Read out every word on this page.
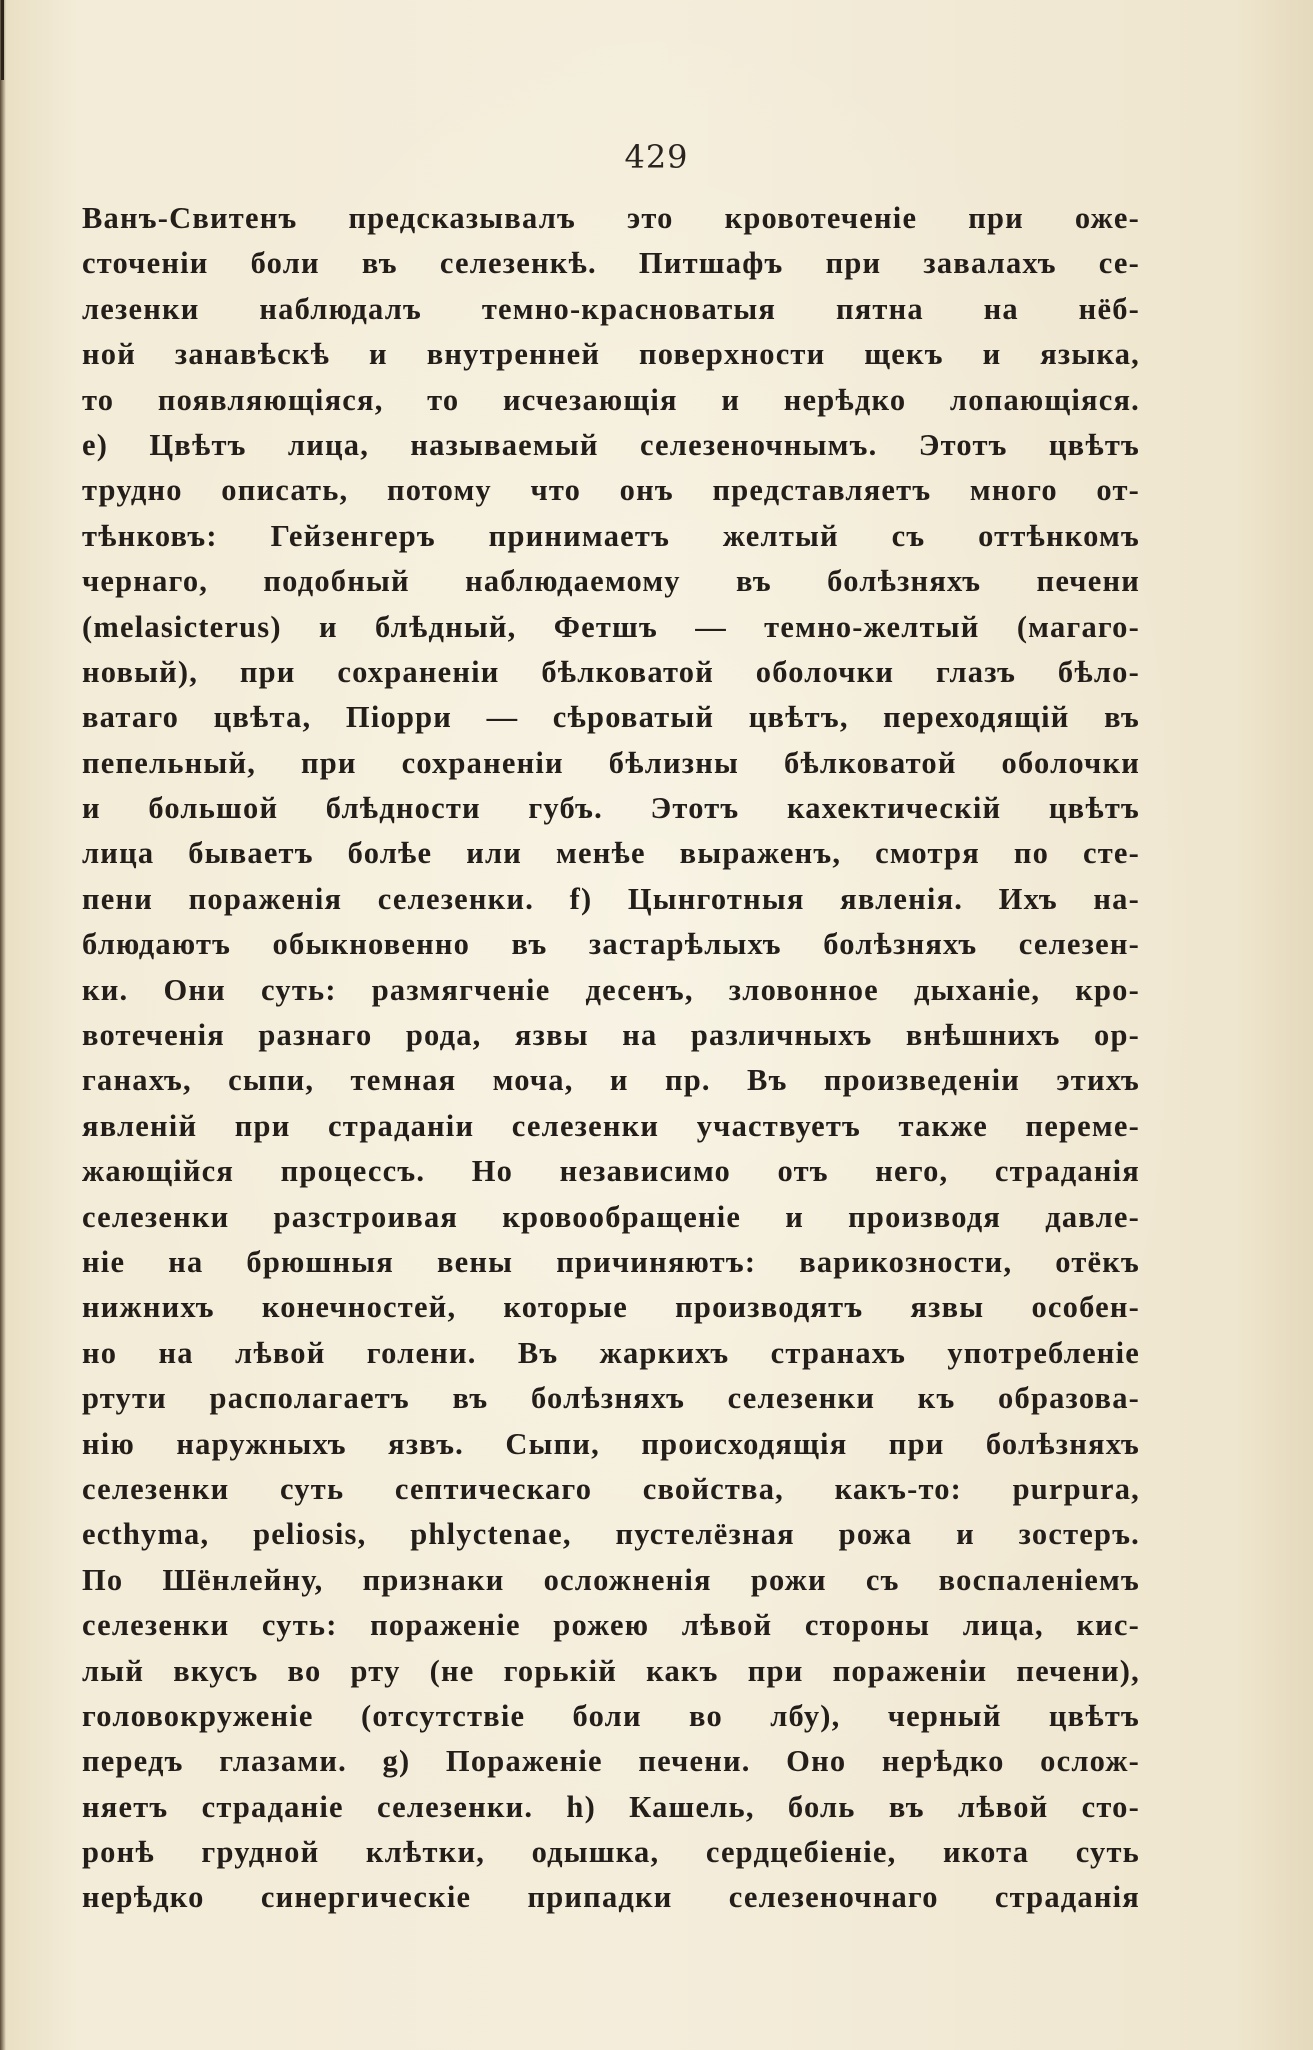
429
Ванъ-Свитенъ предсказывалъ это кровотеченіе при ожe-
сточеніи боли въ селезенкѣ. Питшафъ при завалахъ се-
лезенки наблюдалъ темно-красноватыя пятна на нёб-
ной занавѣскѣ и внутренней поверхности щекъ и языка,
то появляющіяся, то исчезающія и нерѣдко лопающіяся.
е) Цвѣтъ лица, называемый селезеночнымъ. Этотъ цвѣтъ
трудно описать, потому что онъ представляетъ много от-
тѣнковъ: Гейзенгеръ принимаетъ желтый съ оттѣнкомъ
чернаго, подобный наблюдаемому въ болѣзняхъ печени
(melasicterus) и блѣдный, Фетшъ — темно-желтый (магаго-
новый), при сохраненіи бѣлковатой оболочки глазъ бѣло-
ватаго цвѣта, Піорри — сѣроватый цвѣтъ, переходящій въ
пепельный, при сохраненіи бѣлизны бѣлковатой оболочки
и большой блѣдности губъ. Этотъ кахектическій цвѣтъ
лица бываетъ болѣе или менѣе выраженъ, смотря по сте-
пени пораженія селезенки. f) Цынготныя явленія. Ихъ на-
блюдаютъ обыкновенно въ застарѣлыхъ болѣзняхъ селезен-
ки. Они суть: размягченіе десенъ, зловонное дыханіе, кро-
вотеченія разнаго рода, язвы на различныхъ внѣшнихъ ор-
ганахъ, сыпи, темная моча, и пр. Въ произведеніи этихъ
явленій при страданіи селезенки участвуетъ также переме-
жающійся процессъ. Но независимо отъ него, страданія
селезенки разстроивая кровообращеніе и производя давле-
ніе на брюшныя вены причиняютъ: варикозности, отёкъ
нижнихъ конечностей, которые производятъ язвы особен-
но на лѣвой голени. Въ жаркихъ странахъ употребленіе
ртути располагаетъ въ болѣзняхъ селезенки къ образова-
нію наружныхъ язвъ. Сыпи, происходящія при болѣзняхъ
селезенки суть септическаго свойства, какъ-то: purpura,
ecthyma, peliosis, phlyctenae, пустелёзная рожа и зостеръ.
По Шёнлейну, признаки осложненія рожи съ воспаленіемъ
селезенки суть: пораженіе рожею лѣвой стороны лица, кис-
лый вкусъ во рту (не горькій какъ при пораженіи печени),
головокруженіе (отсутствіе боли во лбу), черный цвѣтъ
передъ глазами. g) Пораженіе печени. Оно нерѣдко ослож-
няетъ страданіе селезенки. h) Кашель, боль въ лѣвой сто-
ронѣ грудной клѣтки, одышка, сердцебіеніе, икота суть
нерѣдко синергическіе припадки селезеночнаго страданія
